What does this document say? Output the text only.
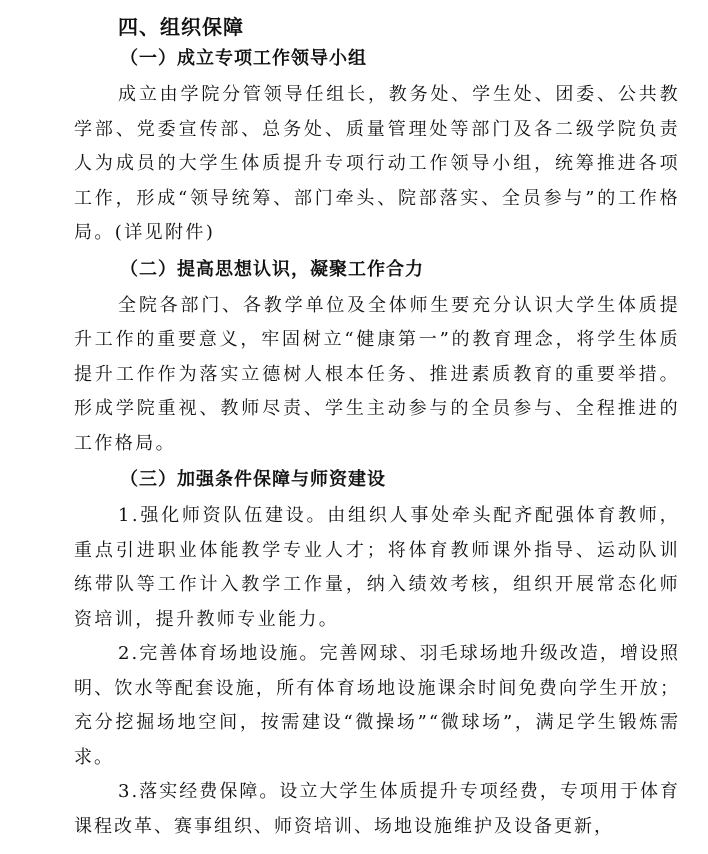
四、组织保障
（一）成立专项工作领导小组

成立由学院分管领导任组长，教务处、学生处、团委、公共教学部、党委宣传部、总务处、质量管理处等部门及各二级学院负责人为成员的大学生体质提升专项行动工作领导小组，统筹推进各项工作，形成“领导统筹、部门牵头、院部落实、全员参与”的工作格局。(详见附件)

（二）提高思想认识，凝聚工作合力

全院各部门、各教学单位及全体师生要充分认识大学生体质提升工作的重要意义，牢固树立“健康第一”的教育理念，将学生体质提升工作作为落实立德树人根本任务、推进素质教育的重要举措。形成学院重视、教师尽责、学生主动参与的全员参与、全程推进的工作格局。

（三）加强条件保障与师资建设

1.强化师资队伍建设。由组织人事处牵头配齐配强体育教师，重点引进职业体能教学专业人才；将体育教师课外指导、运动队训练带队等工作计入教学工作量，纳入绩效考核，组织开展常态化师资培训，提升教师专业能力。

2.完善体育场地设施。完善网球、羽毛球场地升级改造，增设照明、饮水等配套设施，所有体育场地设施课余时间免费向学生开放；充分挖掘场地空间，按需建设“微操场”“微球场”，满足学生锻炼需求。

3.落实经费保障。设立大学生体质提升专项经费，专项用于体育课程改革、赛事组织、师资培训、场地设施维护及设备更新，
